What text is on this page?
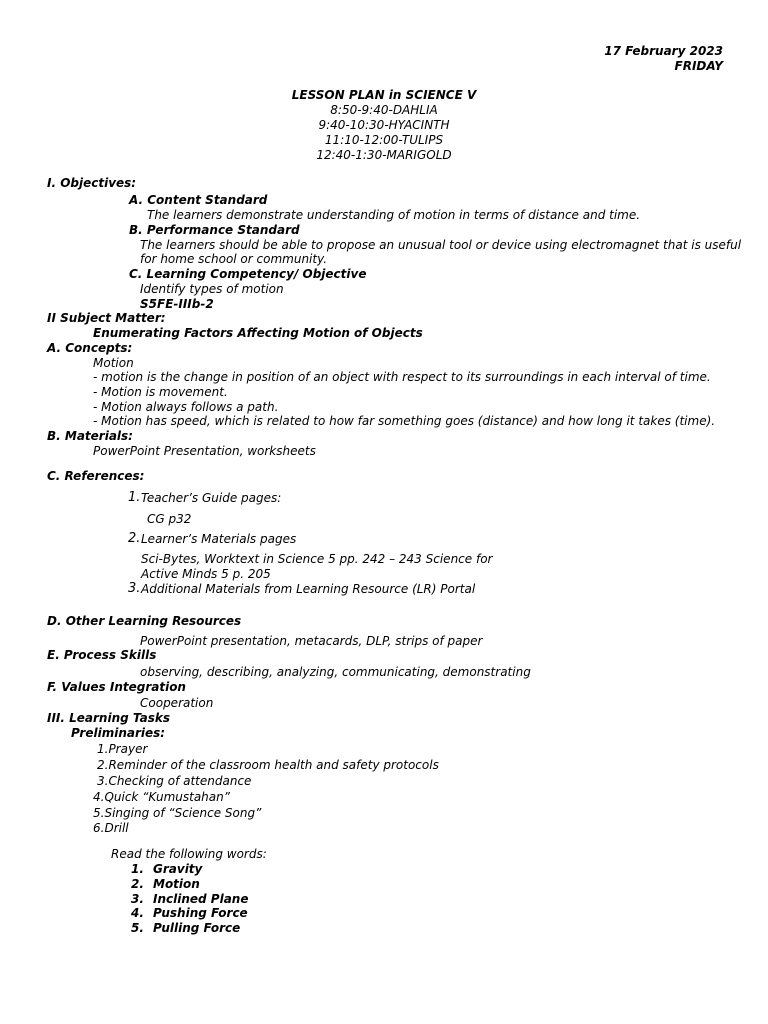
17 February 2023
FRIDAY
LESSON PLAN in SCIENCE V
8:50-9:40-DAHLIA
9:40-10:30-HYACINTH
11:10-12:00-TULIPS
12:40-1:30-MARIGOLD
I. Objectives:
A. Content Standard
The learners demonstrate understanding of motion in terms of distance and time.
B. Performance Standard
The learners should be able to propose an unusual tool or device using electromagnet that is useful
for home school or community.
C. Learning Competency/ Objective
Identify types of motion
S5FE-IIIb-2
II Subject Matter:
Enumerating Factors Affecting Motion of Objects
A. Concepts:
Motion
- motion is the change in position of an object with respect to its surroundings in each interval of time.
- Motion is movement.
- Motion always follows a path.
- Motion has speed, which is related to how far something goes (distance) and how long it takes (time).
B. Materials:
PowerPoint Presentation, worksheets
C. References:
1. Teacher’s Guide pages:
CG p32
2. Learner’s Materials pages
Sci-Bytes, Worktext in Science 5 pp. 242 – 243 Science for
Active Minds 5 p. 205
3. Additional Materials from Learning Resource (LR) Portal
D. Other Learning Resources
PowerPoint presentation, metacards, DLP, strips of paper
E. Process Skills
observing, describing, analyzing, communicating, demonstrating
F. Values Integration
Cooperation
III. Learning Tasks
Preliminaries:
1.Prayer
2.Reminder of the classroom health and safety protocols
3.Checking of attendance
4.Quick “Kumustahan”
5.Singing of “Science Song”
6.Drill
Read the following words:
1. Gravity
2. Motion
3. Inclined Plane
4. Pushing Force
5. Pulling Force
